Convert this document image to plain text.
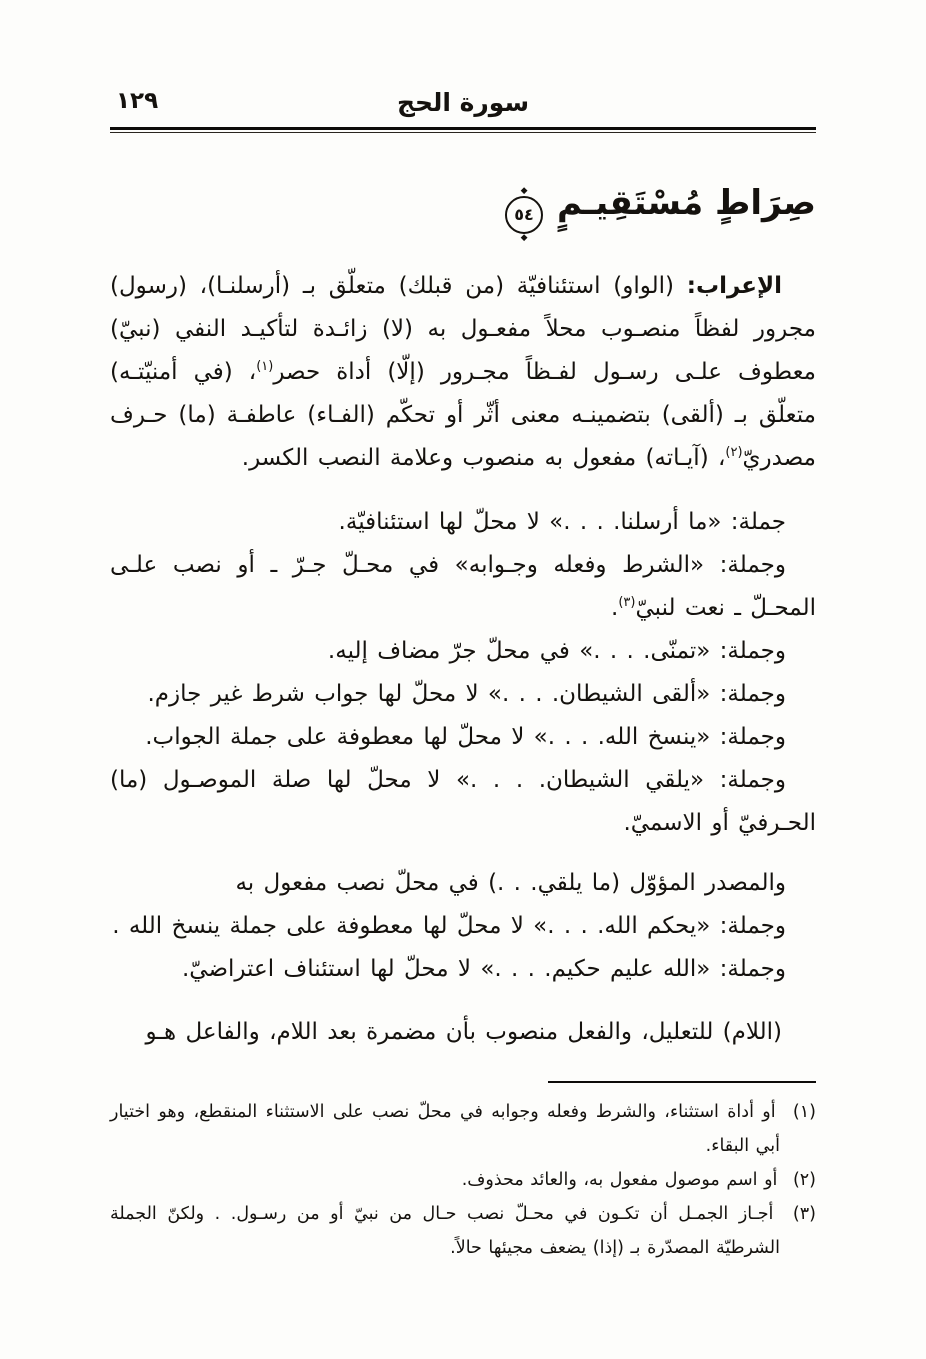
١٢٩	سورة الحج
صِرَاطٍ مُسْتَقِيـمٍ
◆
٥٤
◆

الإعراب: (الواو) استئنافيّة (من قبلك) متعلّق بـ (أرسلنـا)، (رسول) مجرور لفظاً منصـوب محلاً مفعـول به (لا) زائـدة لتأكيـد النفي (نبيّ) معطوف علـى رسـول لفـظاً مجـرور (إلّا) أداة حصر$^{(١)}$، (في أمنيّتـه) متعلّق بـ (ألقى) بتضمينـه معنى أثّر أو تحكّم (الفـاء) عاطفـة (ما) حـرف مصدريّ$^{(٢)}$، (آيـاته) مفعول به منصوب وعلامة النصب الكسر.

جملة: «ما أرسلنا. . . .» لا محلّ لها استئنافيّة.

وجملة: «الشرط وفعله وجـوابه» في محـلّ جـرّ ـ أو نصب علـى المحـلّ ـ نعت لنبيّ$^{(٣)}$.

وجملة: «تمنّى. . . .» في محلّ جرّ مضاف إليه.

وجملة: «ألقى الشيطان. . . .» لا محلّ لها جواب شرط غير جازم.

وجملة: «ينسخ الله. . . .» لا محلّ لها معطوفة على جملة الجواب.

وجملة: «يلقي الشيطان. . . .» لا محلّ لها صلة الموصـول (ما) الحـرفيّ أو الاسميّ.

والمصدر المؤوّل (ما يلقي. . .) في محلّ نصب مفعول به

وجملة: «يحكم الله. . . .» لا محلّ لها معطوفة على جملة ينسخ الله .

وجملة: «الله عليم حكيم. . . .» لا محلّ لها استئناف اعتراضيّ.

(اللام) للتعليل، والفعل منصوب بأن مضمرة بعد اللام، والفاعل هـو

(١) أو أداة استثناء، والشرط وفعله وجوابه في محلّ نصب على الاستثناء المنقطع، وهو اختيار أبي البقاء.

(٢) أو اسم موصول مفعول به، والعائد محذوف.

(٣) أجـاز الجمـل أن تكـون في محـلّ نصب حـال من نبيّ أو من رسـول. . ولكنّ الجملة الشرطيّة المصدّرة بـ (إذا) يضعف مجيئها حالاً.
